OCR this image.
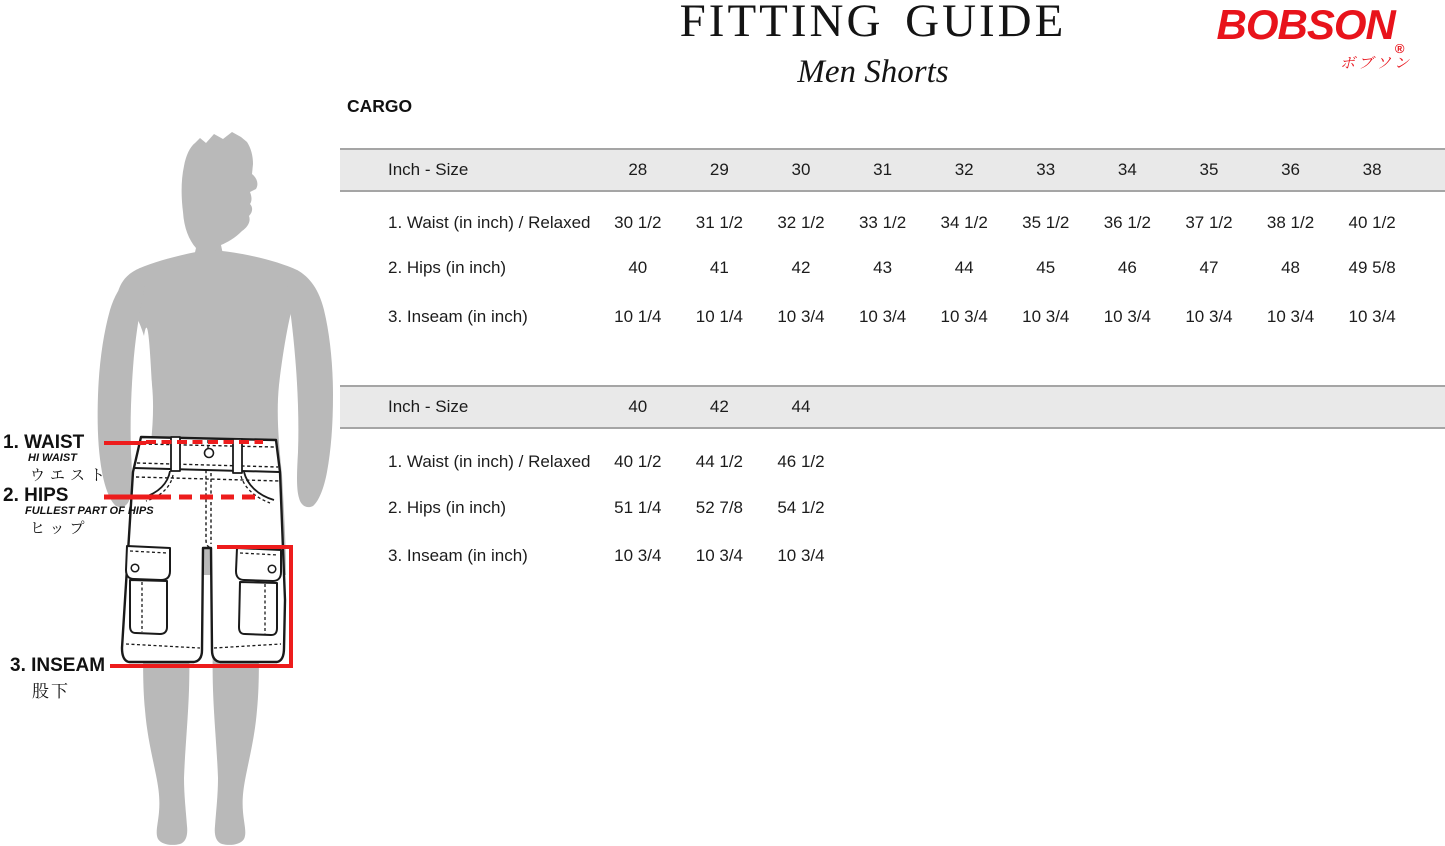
FITTING GUIDE
Men Shorts
$BOBSON_®$
ボブソン
1. WAIST
HI WAIST
ウエスト
2. HIPS
FULLEST PART OF HIPS
ヒップ
3. INSEAM
股下
CARGO
Inch - Size	28	29	30	31	32	33	34	35	36	38
1. Waist (in inch) / Relaxed	30 1/2	31 1/2	32 1/2	33 1/2	34 1/2	35 1/2	36 1/2	37 1/2	38 1/2	40 1/2
2. Hips (in inch)	40	41	42	43	44	45	46	47	48	49 5/8
3. Inseam (in inch)	10 1/4	10 1/4	10 3/4	10 3/4	10 3/4	10 3/4	10 3/4	10 3/4	10 3/4	10 3/4
Inch - Size	40	42	44
1. Waist (in inch) / Relaxed	40 1/2	44 1/2	46 1/2
2. Hips (in inch)	51 1/4	52 7/8	54 1/2
3. Inseam (in inch)	10 3/4	10 3/4	10 3/4
